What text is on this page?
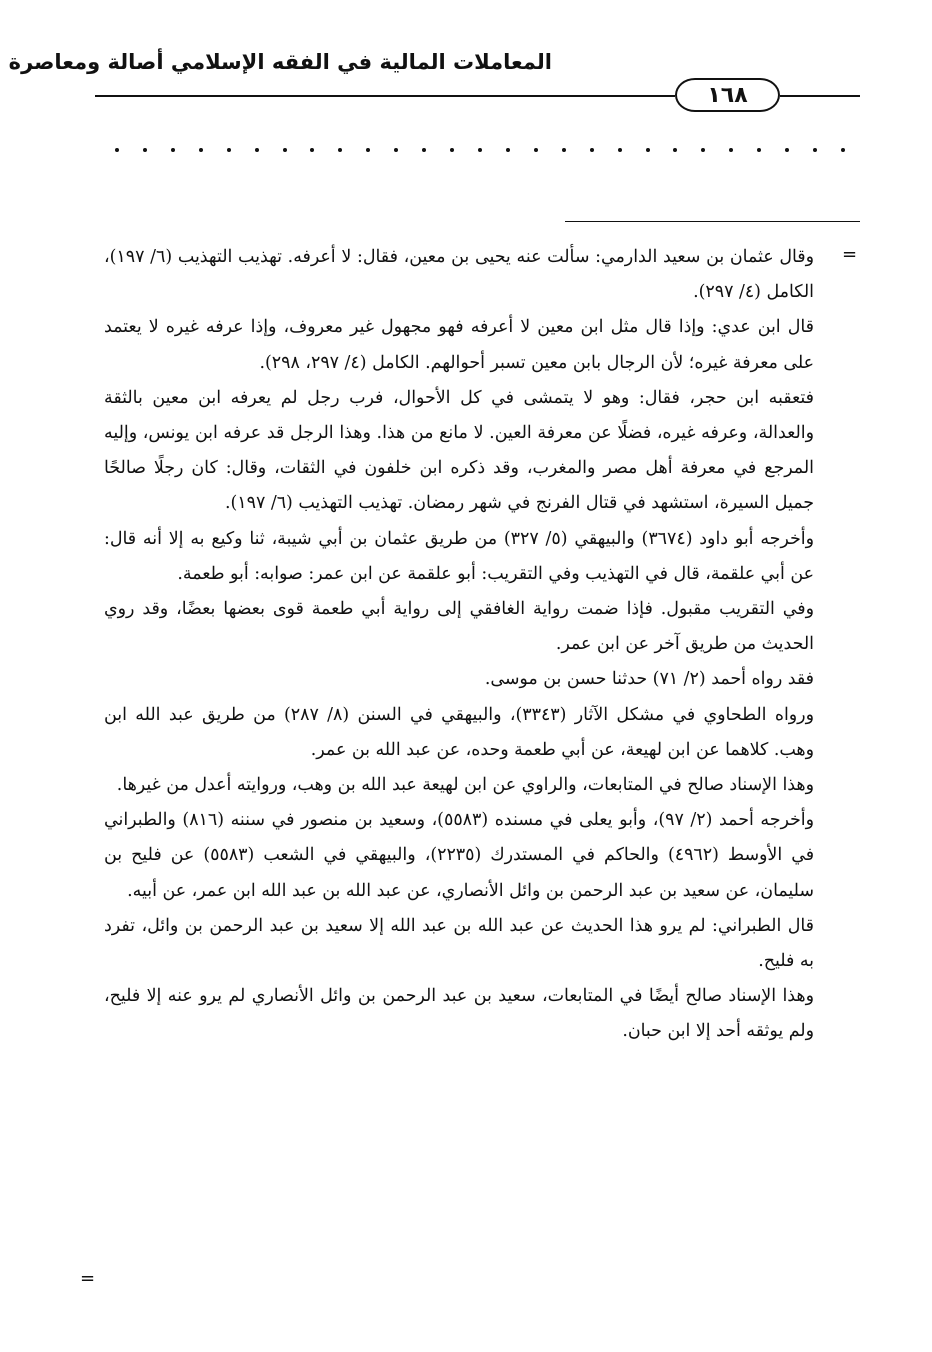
المعاملات المالية في الفقه الإسلامي أصالة ومعاصرة
١٦٨
=

وقال عثمان بن سعيد الدارمي: سألت عنه يحيى بن معين، فقال: لا أعرفه. تهذيب التهذيب (٦/ ١٩٧)، الكامل (٤/ ٢٩٧).

قال ابن عدي: وإذا قال مثل ابن معين لا أعرفه فهو مجهول غير معروف، وإذا عرفه غيره لا يعتمد على معرفة غيره؛ لأن الرجال بابن معين تسبر أحوالهم. الكامل (٤/ ٢٩٧، ٢٩٨).

فتعقبه ابن حجر، فقال: وهو لا يتمشى في كل الأحوال، فرب رجل لم يعرفه ابن معين بالثقة والعدالة، وعرفه غيره، فضلًا عن معرفة العين. لا مانع من هذا. وهذا الرجل قد عرفه ابن يونس، وإليه المرجع في معرفة أهل مصر والمغرب، وقد ذكره ابن خلفون في الثقات، وقال: كان رجلًا صالحًا جميل السيرة، استشهد في قتال الفرنج في شهر رمضان. تهذيب التهذيب (٦/ ١٩٧).

وأخرجه أبو داود (٣٦٧٤) والبيهقي (٥/ ٣٢٧) من طريق عثمان بن أبي شيبة، ثنا وكيع به إلا أنه قال: عن أبي علقمة، قال في التهذيب وفي التقريب: أبو علقمة عن ابن عمر: صوابه: أبو طعمة.

وفي التقريب مقبول. فإذا ضمت رواية الغافقي إلى رواية أبي طعمة قوى بعضها بعضًا، وقد روي الحديث من طريق آخر عن ابن عمر.

فقد رواه أحمد (٢/ ٧١) حدثنا حسن بن موسى.

ورواه الطحاوي في مشكل الآثار (٣٣٤٣)، والبيهقي في السنن (٨/ ٢٨٧) من طريق عبد الله ابن وهب. كلاهما عن ابن لهيعة، عن أبي طعمة وحده، عن عبد الله بن عمر.

وهذا الإسناد صالح في المتابعات، والراوي عن ابن لهيعة عبد الله بن وهب، وروايته أعدل من غيرها.

وأخرجه أحمد (٢/ ٩٧)، وأبو يعلى في مسنده (٥٥٨٣)، وسعيد بن منصور في سننه (٨١٦) والطبراني في الأوسط (٤٩٦٢) والحاكم في المستدرك (٢٢٣٥)، والبيهقي في الشعب (٥٥٨٣) عن فليح بن سليمان، عن سعيد بن عبد الرحمن بن وائل الأنصاري، عن عبد الله بن عبد الله ابن عمر، عن أبيه.

قال الطبراني: لم يرو هذا الحديث عن عبد الله بن عبد الله إلا سعيد بن عبد الرحمن بن وائل، تفرد به فليح.

وهذا الإسناد صالح أيضًا في المتابعات، سعيد بن عبد الرحمن بن وائل الأنصاري لم يرو عنه إلا فليح، ولم يوثقه أحد إلا ابن حبان.

=
